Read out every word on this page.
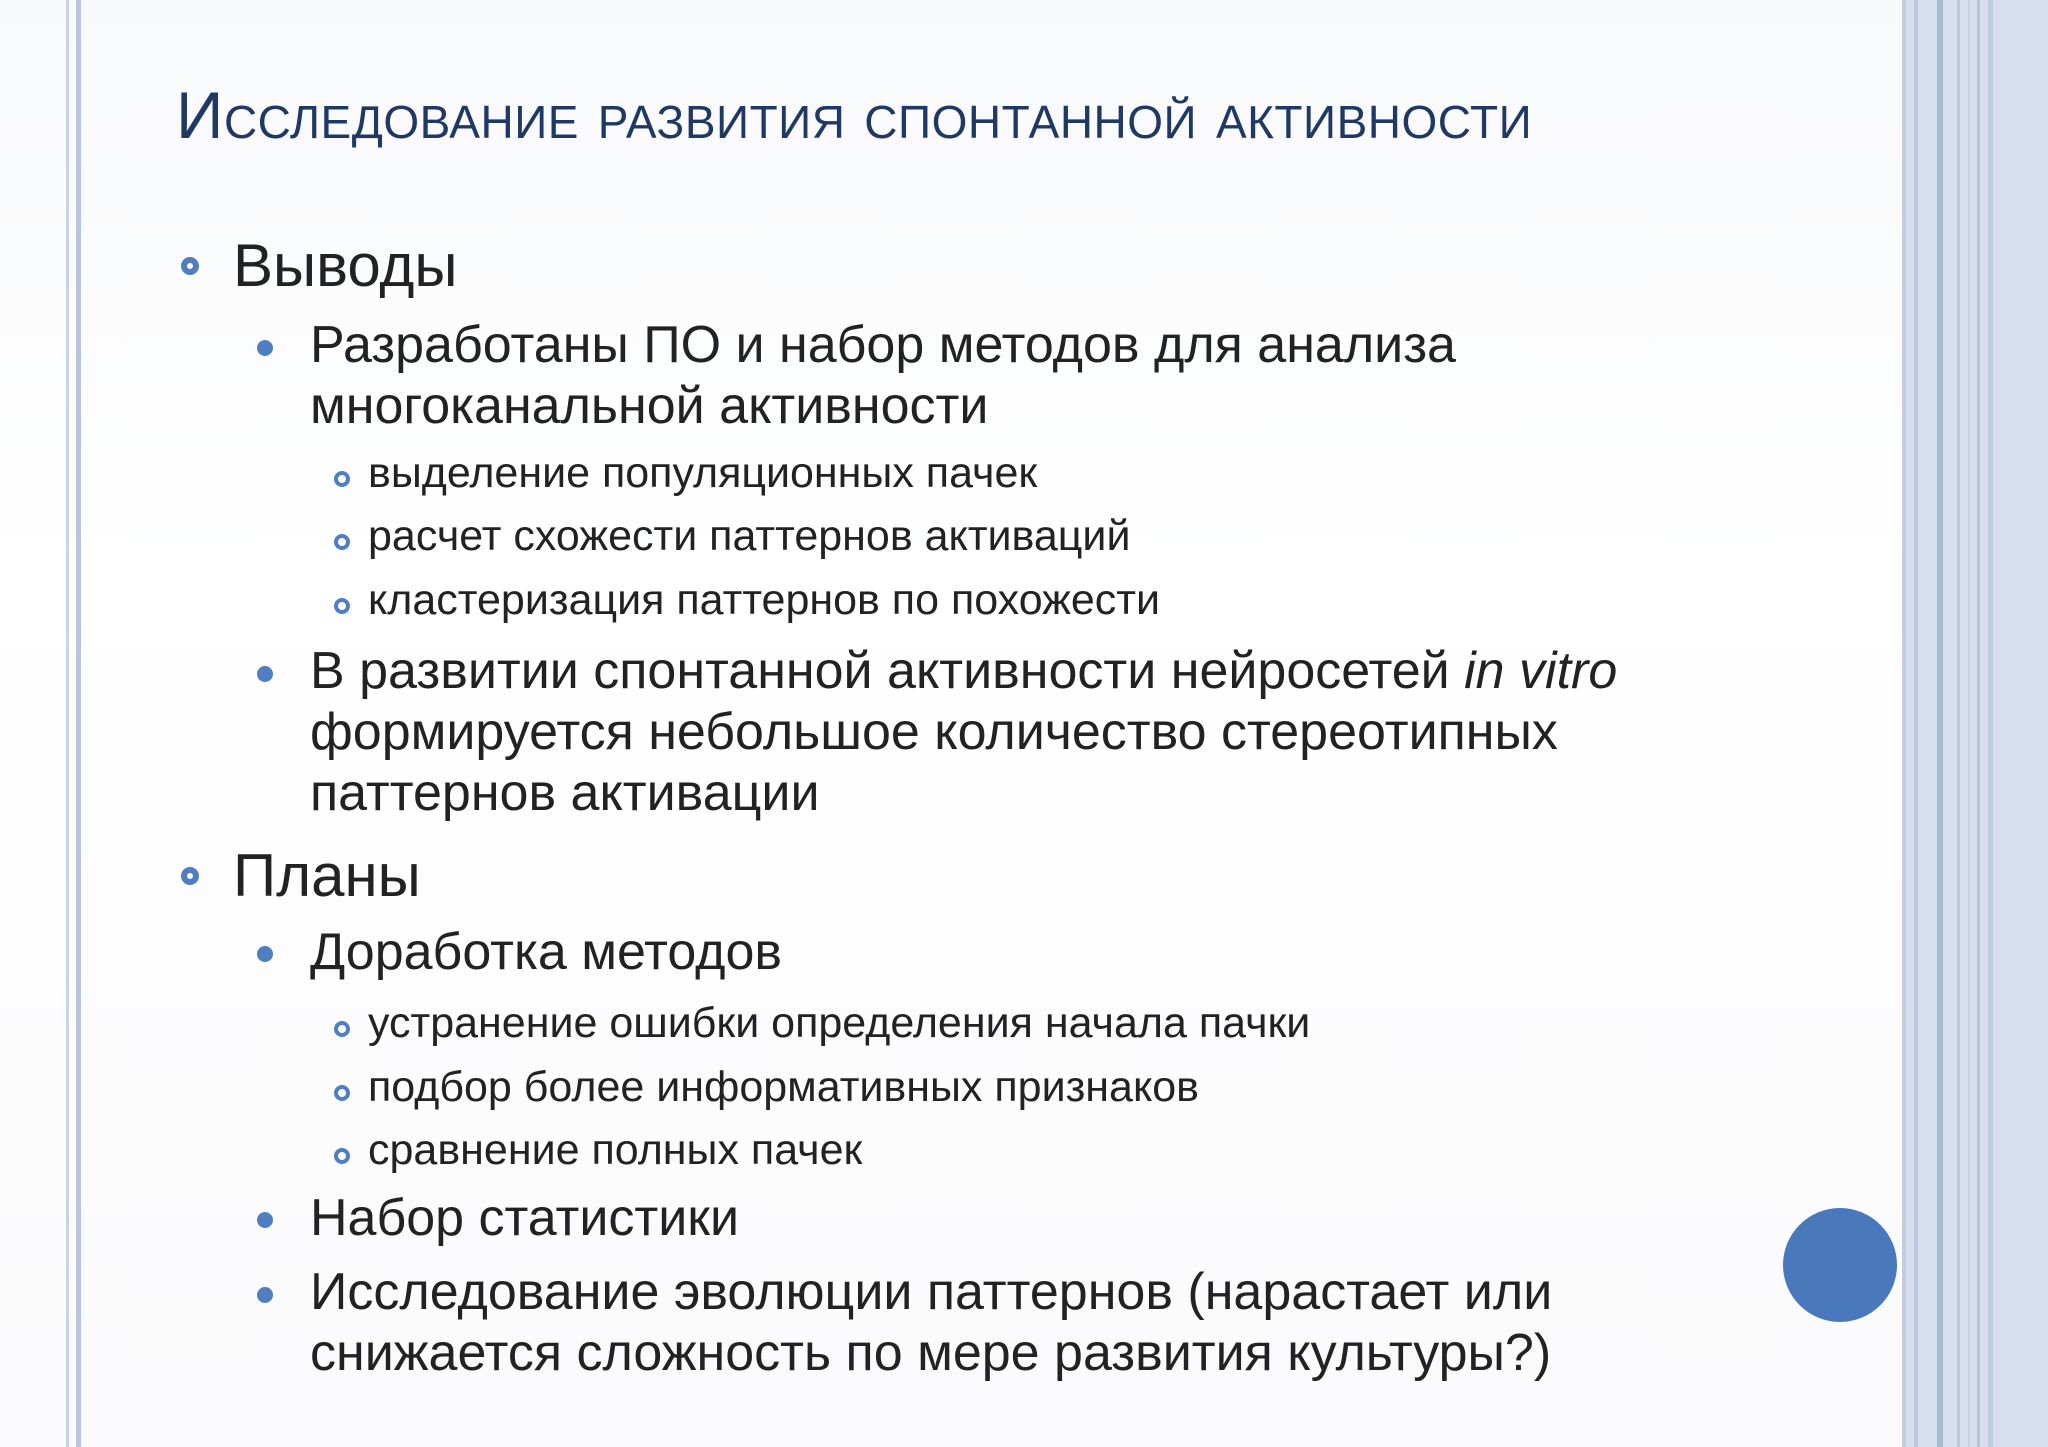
Исследование развития спонтанной активности
Выводы
Разработаны ПО и набор методов для анализа
многоканальной активности
выделение популяционных пачек
расчет схожести паттернов активаций
кластеризация паттернов по похожести
В развитии спонтанной активности нейросетей in vitro
формируется небольшое количество стереотипных
паттернов активации
Планы
Доработка методов
устранение ошибки определения начала пачки
подбор более информативных признаков
сравнение полных пачек
Набор статистики
Исследование эволюции паттернов (нарастает или
снижается сложность по мере развития культуры?)
